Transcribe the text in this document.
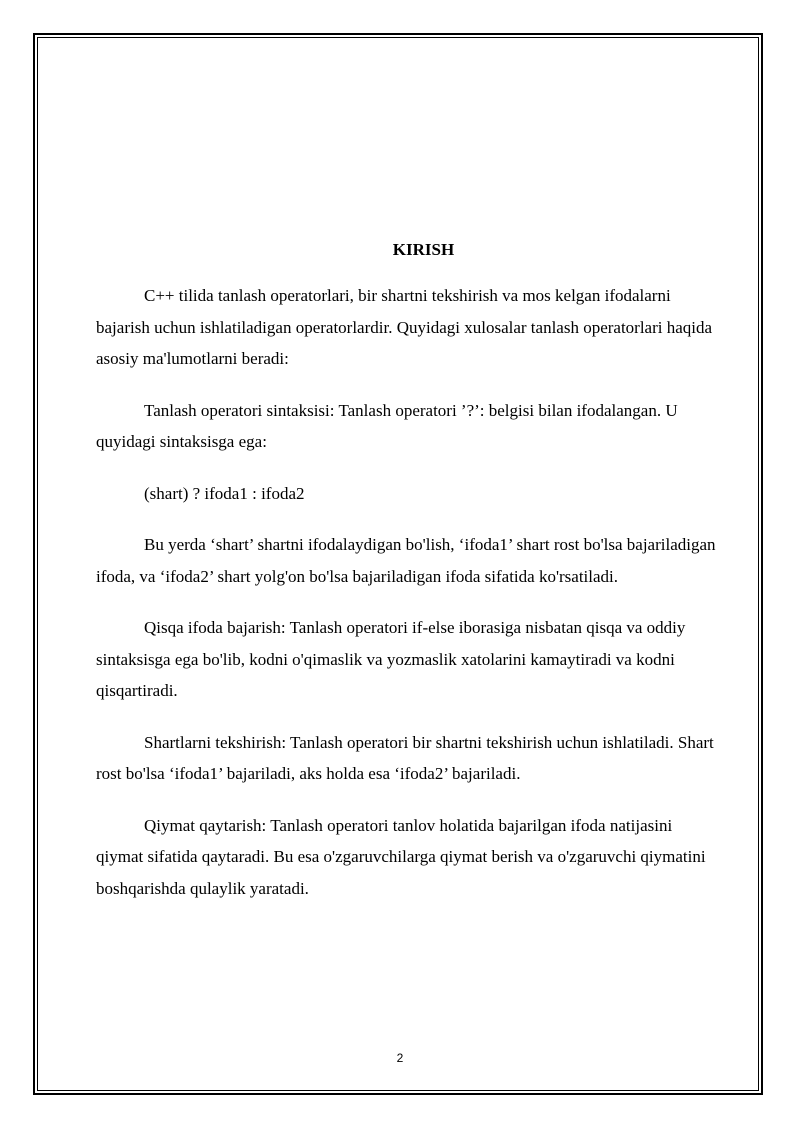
KIRISH

C++ tilida tanlash operatorlari, bir shartni tekshirish va mos kelgan ifodalarni bajarish uchun ishlatiladigan operatorlardir. Quyidagi xulosalar tanlash operatorlari haqida asosiy ma'lumotlarni beradi:

Tanlash operatori sintaksisi: Tanlash operatori ’?’: belgisi bilan ifodalangan. U quyidagi sintaksisga ega:

(shart) ? ifoda1 : ifoda2

Bu yerda ‘shart’ shartni ifodalaydigan bo'lish, ‘ifoda1’ shart rost bo'lsa bajariladigan ifoda, va ‘ifoda2’ shart yolg'on bo'lsa bajariladigan ifoda sifatida ko'rsatiladi.

Qisqa ifoda bajarish: Tanlash operatori if-else iborasiga nisbatan qisqa va oddiy sintaksisga ega bo'lib, kodni o'qimaslik va yozmaslik xatolarini kamaytiradi va kodni qisqartiradi.

Shartlarni tekshirish: Tanlash operatori bir shartni tekshirish uchun ishlatiladi. Shart rost bo'lsa ‘ifoda1’ bajariladi, aks holda esa ‘ifoda2’ bajariladi.

Qiymat qaytarish: Tanlash operatori tanlov holatida bajarilgan ifoda natijasini qiymat sifatida qaytaradi. Bu esa o'zgaruvchilarga qiymat berish va o'zgaruvchi qiymatini boshqarishda qulaylik yaratadi.

2
